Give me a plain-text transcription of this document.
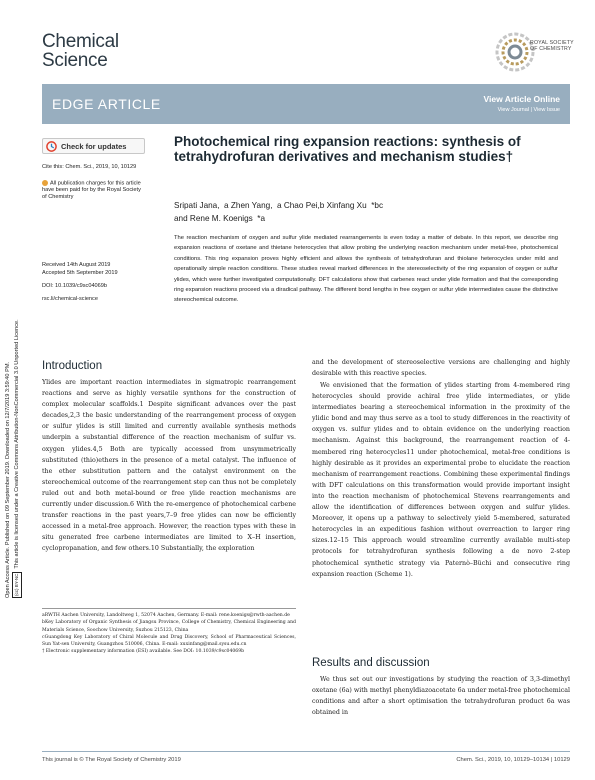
Chemical
Science
ROYAL SOCIETY
OF CHEMISTRY
EDGE ARTICLE	View Article Online
View Journal | View Issue
Open Access Article. Published on 09 September 2019. Downloaded on 12/7/2019 3:59:40 PM. (cc) BY-NCThis article is licensed under a Creative Commons Attribution-NonCommercial 3.0 Unported Licence.
Check for updates
Cite this: Chem. Sci., 2019, 10, 10129
All publication charges for this article have been paid for by the Royal Society of Chemistry
Received 14th August 2019
Accepted 5th September 2019
DOI: 10.1039/c9sc04069b
rsc.li/chemical-science
Photochemical ring expansion reactions: synthesis of tetrahydrofuran derivatives and mechanism studies†
Sripati Jana,  a Zhen Yang,  a Chao Pei,b Xinfang Xu  *bc
and Rene M. Koenigs  *a
The reaction mechanism of oxygen and sulfur ylide mediated rearrangements is even today a matter of debate. In this report, we describe ring expansion reactions of oxetane and thietane heterocycles that allow probing the underlying reaction mechanism under metal-free, photochemical conditions. This ring expansion proves highly efficient and allows the synthesis of tetrahydrofuran and thiolane heterocycles under mild and operationally simple reaction conditions. These studies reveal marked differences in the stereoselectivity of the ring expansion of oxygen or sulfur ylides, which were further investigated computationally. DFT calculations show that carbenes react under ylide formation and that the corresponding ring expansion reactions proceed via a diradical pathway. The different bond lengths in free oxygen or sulfur ylide intermediates cause the distinctive stereochemical outcome.
Introduction
Ylides are important reaction intermediates in sigmatropic rearrangement reactions and serve as highly versatile synthons for the construction of complex molecular scaffolds.1 Despite significant advances over the past decades,2,3 the basic understanding of the rearrangement process of oxygen or sulfur ylides is still limited and currently available synthesis methods underpin a substantial difference of the reaction mechanism of sulfur vs. oxygen ylides.4,5 Both are typically accessed from unsymmetrically substituted (thio)ethers in the presence of a metal catalyst. The influence of the ether substitution pattern and the catalyst environment on the stereochemical outcome of the rearrangement step can thus not be completely ruled out and both metal-bound or free ylide reaction mechanisms are currently under discussion.6 With the re-emergence of photochemical carbene transfer reactions in the past years,7–9 free ylides can now be efficiently accessed in a metal-free approach. However, the reaction types with these in situ generated free carbene intermediates are limited to X–H insertion, cyclopropanation, and few others.10 Substantially, the exploration
and the development of stereoselective versions are challenging and highly desirable with this reactive species.
We envisioned that the formation of ylides starting from 4-membered ring heterocycles should provide achiral free ylide intermediates, or ylide intermediates bearing a stereochemical information in the proximity of the ylidic bond and may thus serve as a tool to study differences in the reactivity of oxygen vs. sulfur ylides and to obtain evidence on the underlying reaction mechanism. Against this background, the rearrangement reaction of 4-membered ring heterocycles11 under photochemical, metal-free conditions is highly desirable as it provides an experimental probe to elucidate the reaction mechanism of rearrangement reactions. Combining these experimental findings with DFT calculations on this transformation would provide important insight into the reaction mechanism of photochemical Stevens rearrangements and allow the identification of differences between oxygen and sulfur ylides. Moreover, it opens up a pathway to selectively yield 5-membered, saturated heterocycles in an expeditious fashion without overreaction to larger ring sizes.12–15 This approach would streamline currently available multi-step protocols for tetrahydrofuran synthesis following a de novo 2-step photochemical synthetic strategy via Paternò–Büchi and consecutive ring expansion reaction (Scheme 1).
Results and discussion
We thus set out our investigations by studying the reaction of 3,3-dimethyl oxetane (6a) with methyl phenyldiazoacetate 6a under metal-free photochemical conditions and after a short optimisation the tetrahydrofuran product 6a was obtained in
aRWTH Aachen University, Landoltweg 1, 52074 Aachen, Germany. E-mail: rene.koenigs@rwth-aachen.de
bKey Laboratory of Organic Synthesis of Jiangsu Province, College of Chemistry, Chemical Engineering and Materials Science, Soochow University, Suzhou 215123, China
cGuangdong Key Laboratory of Chiral Molecule and Drug Discovery, School of Pharmaceutical Sciences, Sun Yat-sen University, Guangzhou 510006, China. E-mail: xuxinfang@mail.sysu.edu.cn
† Electronic supplementary information (ESI) available. See DOI: 10.1039/c9sc04069b
This journal is © The Royal Society of Chemistry 2019	Chem. Sci., 2019, 10, 10129–10134 | 10129
